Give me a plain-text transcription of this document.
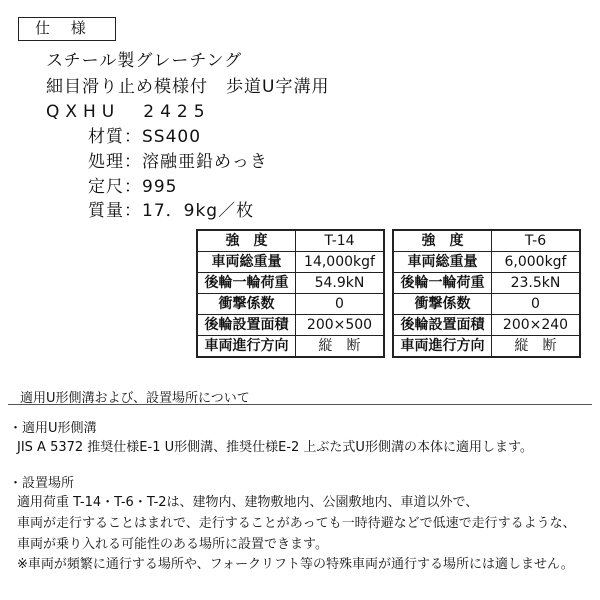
仕 様
スチール製グレーチング
細目滑り止め模様付　歩道U字溝用
QXHU　2425
材質：SS400
処理：溶融亜鉛めっき
定尺：995
質量：17．9kg／枚
強　度	T-14
車両総重量	14,000kgf
後輪一輪荷重	54.9kN
衝撃係数	0
後輪設置面積	200×500
車両進行方向	縦　断
強　度	T-6
車両総重量	6,000kgf
後輪一輪荷重	23.5kN
衝撃係数	0
後輪設置面積	200×240
車両進行方向	縦　断
適用U形側溝および、設置場所について
・適用U形側溝
JIS A 5372 推奨仕様E-1 U形側溝、推奨仕様E-2 上ぶた式U形側溝の本体に適用します。
・設置場所
適用荷重 T-14・T-6・T-2は、建物内、建物敷地内、公園敷地内、車道以外で、
車両が走行することはまれで、走行することがあっても一時待避などで低速で走行するような、
車両が乗り入れる可能性のある場所に設置できます。
※車両が頻繁に通行する場所や、フォークリフト等の特殊車両が通行する場所には適しません。
